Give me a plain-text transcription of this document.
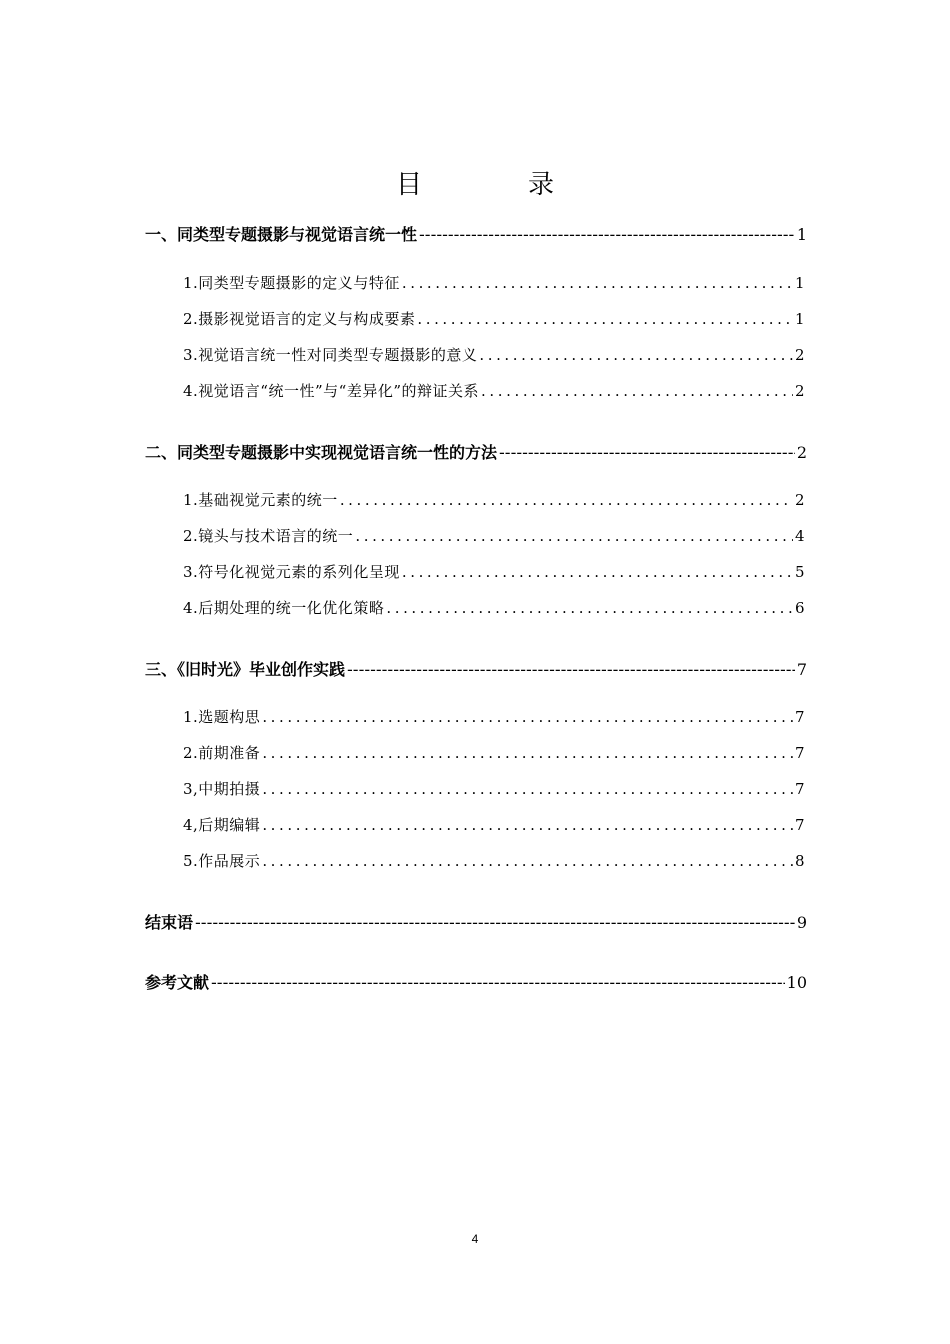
目　录
一、同类型专题摄影与视觉语言统一性 -----	1
1.同类型专题摄影的定义与特征 .....	1
2.摄影视觉语言的定义与构成要素 .....	1
3.视觉语言统一性对同类型专题摄影的意义 .....	2
4.视觉语言“统一性”与“差异化”的辩证关系 .....	2
二、同类型专题摄影中实现视觉语言统一性的方法 -----	2
1.基础视觉元素的统一 .....	2
2.镜头与技术语言的统一 .....	4
3.符号化视觉元素的系列化呈现 .....	5
4.后期处理的统一化优化策略 .....	6
三、《旧时光》毕业创作实践 -----	7
1.选题构思 .....	7
2.前期准备 .....	7
3,中期拍摄 .....	7
4,后期编辑 .....	7
5.作品展示 .....	8
结束语 -----	9
参考文献 -----	10
4
